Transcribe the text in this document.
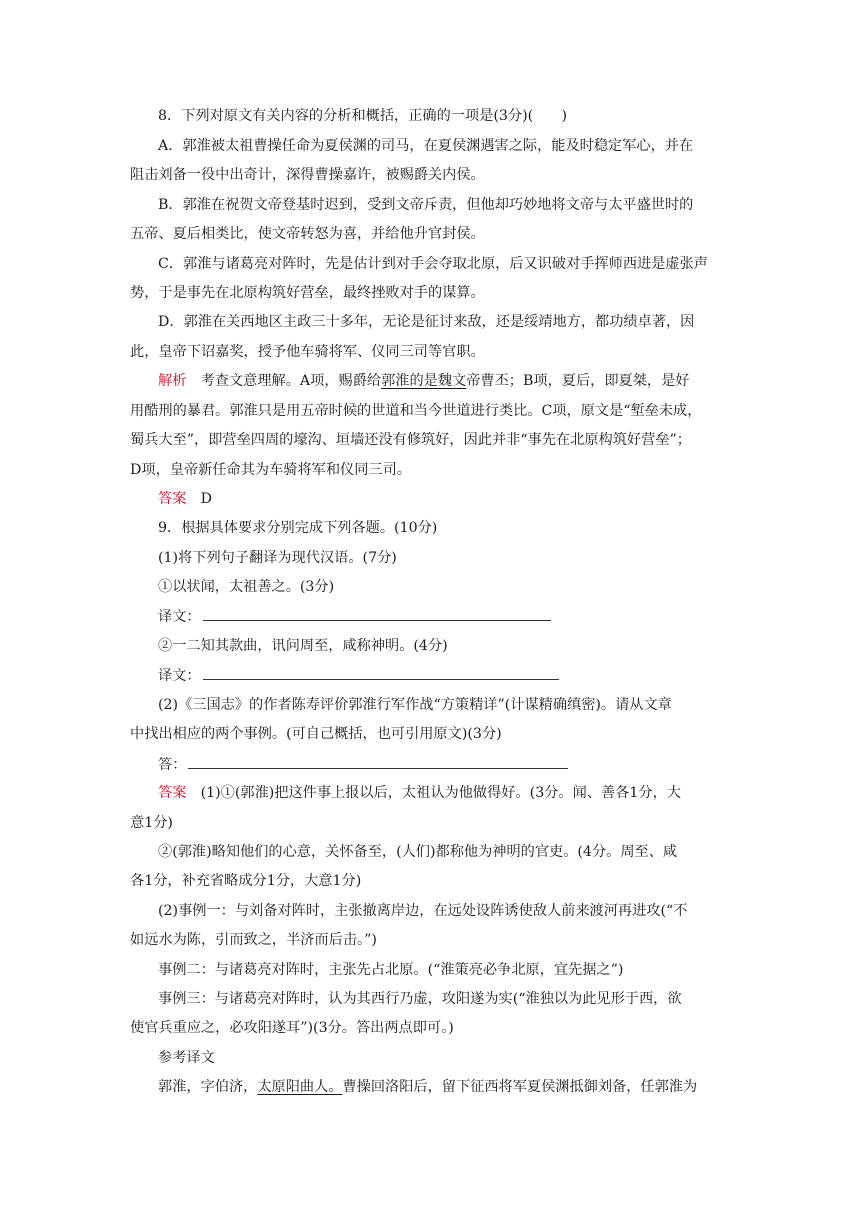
8．下列对原文有关内容的分析和概括，正确的一项是(3分)(　　)
A．郭淮被太祖曹操任命为夏侯渊的司马，在夏侯渊遇害之际，能及时稳定军心，并在
阻击刘备一役中出奇计，深得曹操嘉许，被赐爵关内侯。
B．郭淮在祝贺文帝登基时迟到，受到文帝斥责，但他却巧妙地将文帝与太平盛世时的
五帝、夏后相类比，使文帝转怒为喜，并给他升官封侯。
C．郭淮与诸葛亮对阵时，先是估计到对手会夺取北原，后又识破对手挥师西进是虚张声
势，于是事先在北原构筑好营垒，最终挫败对手的谋算。
D．郭淮在关西地区主政三十多年，无论是征讨来敌，还是绥靖地方，都功绩卓著，因
此，皇帝下诏嘉奖，授予他车骑将军、仪同三司等官职。
解析　考查文意理解。A项，赐爵给郭淮的是魏文帝曹丕；B项，夏后，即夏桀，是好
用酷刑的暴君。郭淮只是用五帝时候的世道和当今世道进行类比。C项，原文是“堑垒未成，
蜀兵大至”，即营垒四周的壕沟、垣墙还没有修筑好，因此并非“事先在北原构筑好营垒”；
D项，皇帝新任命其为车骑将军和仪同三司。
答案　D
9．根据具体要求分别完成下列各题。(10分)
(1)将下列句子翻译为现代汉语。(7分)
①以状闻，太祖善之。(3分)
译文：
②一二知其款曲，讯问周至，咸称神明。(4分)
译文：
(2)《三国志》的作者陈寿评价郭淮行军作战“方策精详”(计谋精确缜密)。请从文章
中找出相应的两个事例。(可自己概括，也可引用原文)(3分)
答：
答案　(1)①(郭淮)把这件事上报以后，太祖认为他做得好。(3分。闻、善各1分，大
意1分)
②(郭淮)略知他们的心意，关怀备至，(人们)都称他为神明的官吏。(4分。周至、咸
各1分，补充省略成分1分，大意1分)
(2)事例一：与刘备对阵时，主张撤离岸边，在远处设阵诱使敌人前来渡河再进攻(“不
如远水为陈，引而致之，半济而后击。”)
事例二：与诸葛亮对阵时，主张先占北原。(“淮策亮必争北原，宜先据之”)
事例三：与诸葛亮对阵时，认为其西行乃虚，攻阳遂为实(“淮独以为此见形于西，欲
使官兵重应之，必攻阳遂耳”)(3分。答出两点即可。)
参考译文
郭淮，字伯济，太原阳曲人。曹操回洛阳后，留下征西将军夏侯渊抵御刘备，任郭淮为
